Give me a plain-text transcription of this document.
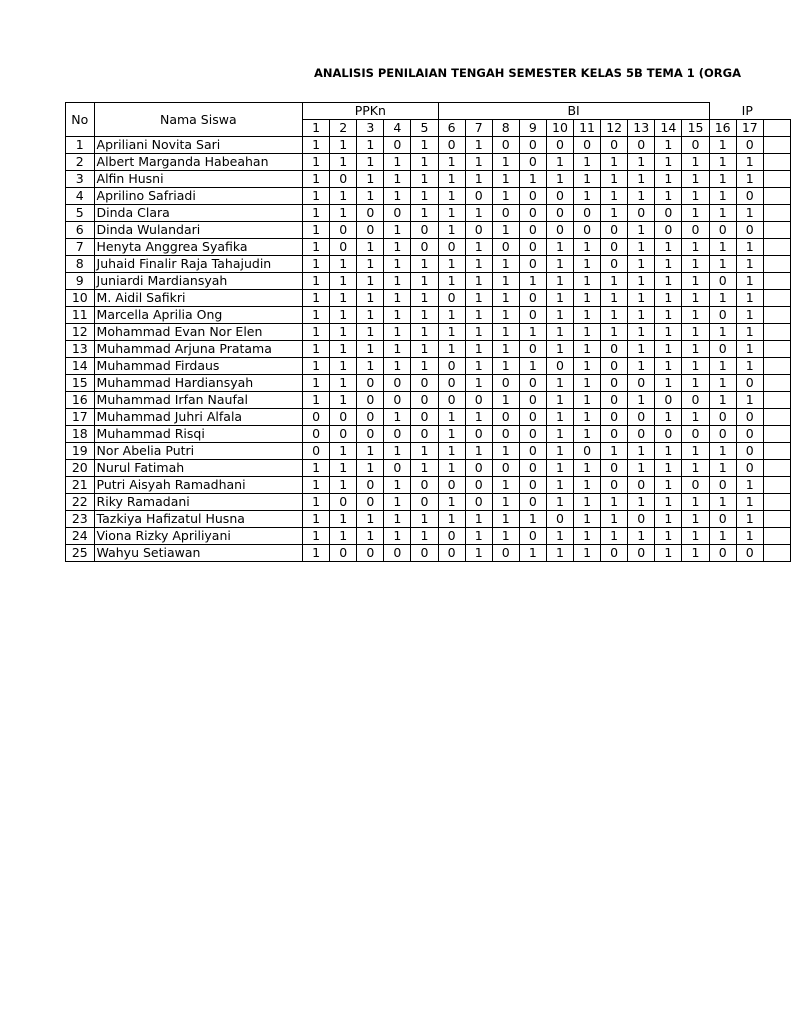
ANALISIS PENILAIAN TENGAH SEMESTER KELAS 5B TEMA 1 (ORGA
No	Nama Siswa	PPKn					BI										IP		
		1	2	3	4	5	6	7	8	9	10	11	12	13	14	15	16	17	
1	Apriliani Novita Sari	1	1	1	0	1	0	1	0	0	0	0	0	0	1	0	1	0	
2	Albert Marganda Habeahan	1	1	1	1	1	1	1	1	0	1	1	1	1	1	1	1	1	
3	Alfin Husni	1	0	1	1	1	1	1	1	1	1	1	1	1	1	1	1	1	
4	Aprilino Safriadi	1	1	1	1	1	1	0	1	0	0	1	1	1	1	1	1	0	
5	Dinda Clara	1	1	0	0	1	1	1	0	0	0	0	1	0	0	1	1	1	
6	Dinda Wulandari	1	0	0	1	0	1	0	1	0	0	0	0	1	0	0	0	0	
7	Henyta Anggrea Syafika	1	0	1	1	0	0	1	0	0	1	1	0	1	1	1	1	1	
8	Juhaid Finalir Raja Tahajudin	1	1	1	1	1	1	1	1	0	1	1	0	1	1	1	1	1	
9	Juniardi Mardiansyah	1	1	1	1	1	1	1	1	1	1	1	1	1	1	1	0	1	
10	M. Aidil Safikri	1	1	1	1	1	0	1	1	0	1	1	1	1	1	1	1	1	
11	Marcella Aprilia Ong	1	1	1	1	1	1	1	1	0	1	1	1	1	1	1	0	1	
12	Mohammad Evan Nor Elen	1	1	1	1	1	1	1	1	1	1	1	1	1	1	1	1	1	
13	Muhammad Arjuna Pratama	1	1	1	1	1	1	1	1	0	1	1	0	1	1	1	0	1	
14	Muhammad Firdaus	1	1	1	1	1	0	1	1	1	0	1	0	1	1	1	1	1	
15	Muhammad Hardiansyah	1	1	0	0	0	0	1	0	0	1	1	0	0	1	1	1	0	
16	Muhammad Irfan Naufal	1	1	0	0	0	0	0	1	0	1	1	0	1	0	0	1	1	
17	Muhammad Juhri Alfala	0	0	0	1	0	1	1	0	0	1	1	0	0	1	1	0	0	
18	Muhammad Risqi	0	0	0	0	0	1	0	0	0	1	1	0	0	0	0	0	0	
19	Nor Abelia Putri	0	1	1	1	1	1	1	1	0	1	0	1	1	1	1	1	0	
20	Nurul Fatimah	1	1	1	0	1	1	0	0	0	1	1	0	1	1	1	1	0	
21	Putri Aisyah Ramadhani	1	1	0	1	0	0	0	1	0	1	1	0	0	1	0	0	1	
22	Riky Ramadani	1	0	0	1	0	1	0	1	0	1	1	1	1	1	1	1	1	
23	Tazkiya Hafizatul Husna	1	1	1	1	1	1	1	1	1	0	1	1	0	1	1	0	1	
24	Viona Rizky Apriliyani	1	1	1	1	1	0	1	1	0	1	1	1	1	1	1	1	1	
25	Wahyu Setiawan	1	0	0	0	0	0	1	0	1	1	1	0	0	1	1	0	0	
